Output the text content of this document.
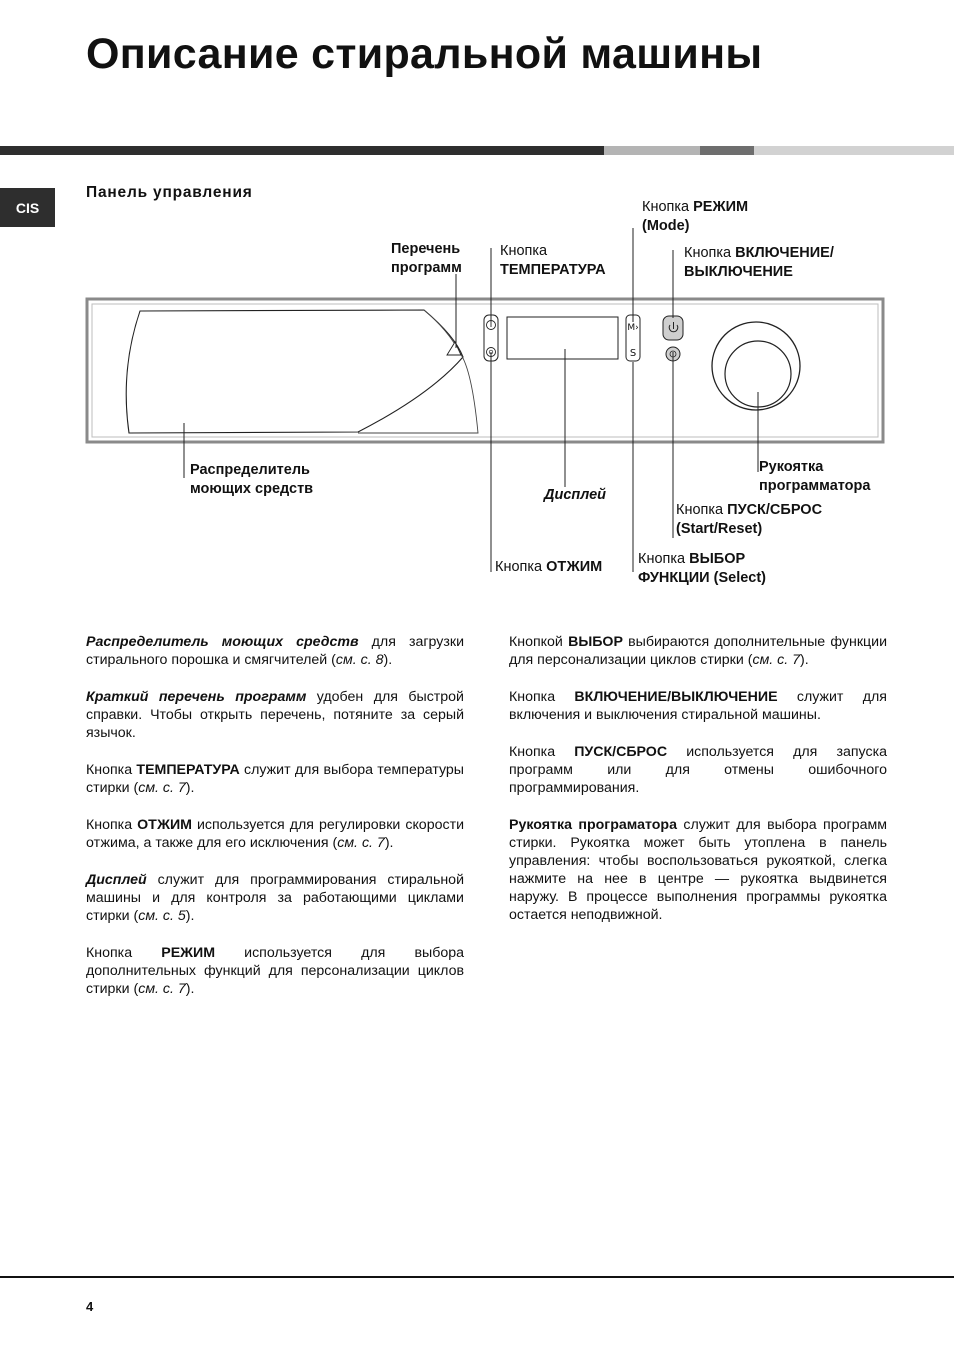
Описание стиральной машины
CIS
Панель управления
M›
S
Кнопка РЕЖИМ
(Mode)
Кнопка ВКЛЮЧЕНИЕ/
ВЫКЛЮЧЕНИЕ
Перечень
программ
Кнопка
ТЕМПЕРАТУРА
Распределитель
моющих средств	Дисплей
Рукоятка
программатора
Кнопка ПУСК/СБРОС
(Start/Reset)
Кнопка ОТЖИМ Кнопка ВЫБОР
ФУНКЦИИ (Select)

Распределитель моющих средств для загрузки стирального порошка и смягчителей (см. с. 8).

Краткий перечень программ удобен для быстрой справки. Чтобы открыть перечень, потяните за серый язычок.

Кнопка ТЕМПЕРАТУРА служит для выбора температуры стирки (см. с. 7).

Кнопка ОТЖИМ используется для регулировки скорости отжима, а также для его исключения (см. с. 7).

Дисплей служит для программирования стиральной машины и для контроля за работающими циклами стирки (см. с. 5).

Кнопка РЕЖИМ используется для выбора дополнительных функций для персонализации циклов стирки (см. с. 7).

Кнопкой ВЫБОР выбираются дополнительные функции для персонализации циклов стирки (см. с. 7).

Кнопка ВКЛЮЧЕНИЕ/ВЫКЛЮЧЕНИЕ служит для включения и выключения стиральной машины.

Кнопка ПУСК/СБРОС используется для запуска программ или для отмены ошибочного программирования.

Рукоятка програматора служит для выбора программ стирки. Рукоятка может быть утоплена в панель управления: чтобы воспользоваться рукояткой, слегка нажмите на нее в центре — рукоятка выдвинется наружу. В процессе выполнения программы рукоятка остается неподвижной.

4
